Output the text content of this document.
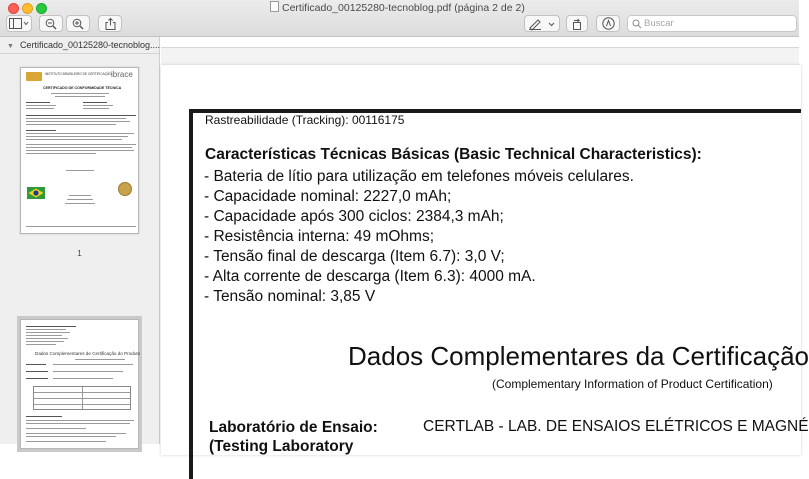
Certificado_00125280-tecnoblog.pdf (página 2 de 2)
Buscar
▼ Certificado_00125280-tecnoblog....
INSTITUTO BRASILEIRO DE CERTIFICAÇÃO ibrace
CERTIFICADO DE CONFORMIDADE TÉCNICA
1
Dados Complementares de Certificação do Produto
Rastreabilidade (Tracking): 00116175
Características Técnicas Básicas (Basic Technical Characteristics):
- Bateria de lítio para utilização em telefones móveis celulares.
- Capacidade nominal: 2227,0 mAh;
- Capacidade após 300 ciclos: 2384,3 mAh;
- Resistência interna: 49 mOhms;
- Tensão final de descarga (Item 6.7): 3,0 V;
- Alta corrente de descarga (Item 6.3): 4000 mA.
- Tensão nominal: 3,85 V
Dados Complementares da Certificação
(Complementary Information of Product Certification)
Laboratório de Ensaio:
(Testing Laboratory
CERTLAB - LAB. DE ENSAIOS ELÉTRICOS E MAGNÉ
